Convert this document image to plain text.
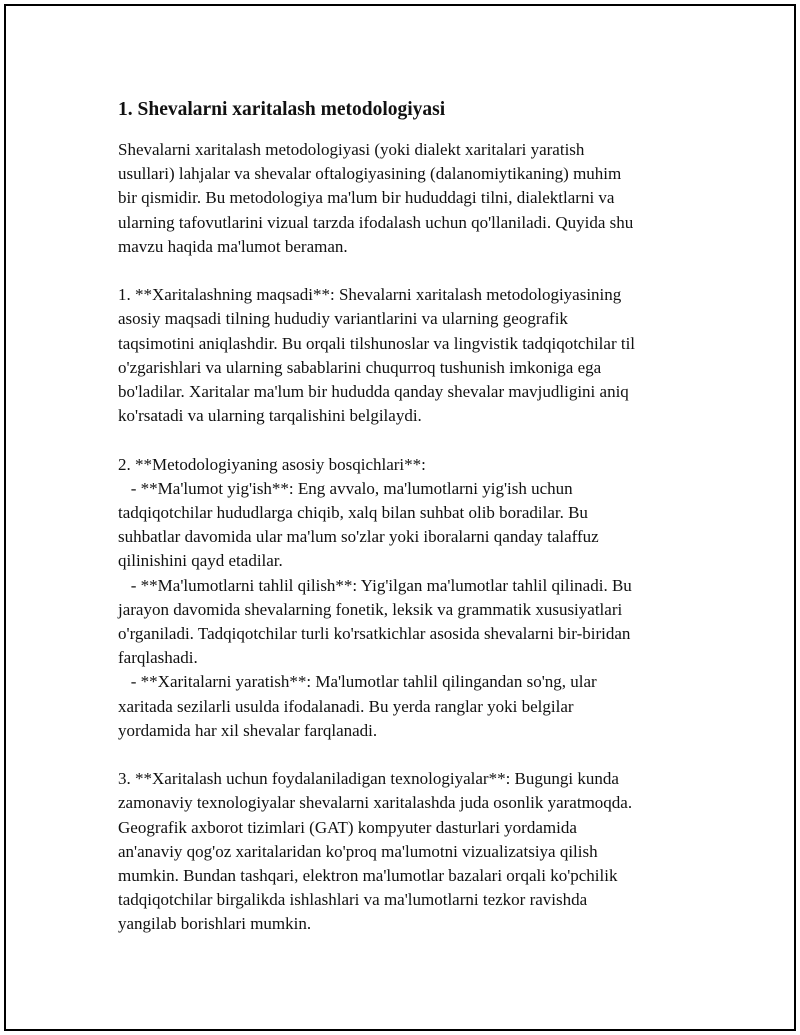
1. Shevalarni xaritalash metodologiyasi
Shevalarni xaritalash metodologiyasi (yoki dialekt xaritalari yaratish
usullari) lahjalar va shevalar oftalogiyasining (dalanomiytikaning) muhim
bir qismidir. Bu metodologiya ma'lum bir hududdagi tilni, dialektlarni va
ularning tafovutlarini vizual tarzda ifodalash uchun qo'llaniladi. Quyida shu
mavzu haqida ma'lumot beraman.
1. **Xaritalashning maqsadi**: Shevalarni xaritalash metodologiyasining
asosiy maqsadi tilning hududiy variantlarini va ularning geografik
taqsimotini aniqlashdir. Bu orqali tilshunoslar va lingvistik tadqiqotchilar til
o'zgarishlari va ularning sabablarini chuqurroq tushunish imkoniga ega
bo'ladilar. Xaritalar ma'lum bir hududda qanday shevalar mavjudligini aniq
ko'rsatadi va ularning tarqalishini belgilaydi.
2. **Metodologiyaning asosiy bosqichlari**:
- **Ma'lumot yig'ish**: Eng avvalo, ma'lumotlarni yig'ish uchun
tadqiqotchilar hududlarga chiqib, xalq bilan suhbat olib boradilar. Bu
suhbatlar davomida ular ma'lum so'zlar yoki iboralarni qanday talaffuz
qilinishini qayd etadilar.
- **Ma'lumotlarni tahlil qilish**: Yig'ilgan ma'lumotlar tahlil qilinadi. Bu
jarayon davomida shevalarning fonetik, leksik va grammatik xususiyatlari
o'rganiladi. Tadqiqotchilar turli ko'rsatkichlar asosida shevalarni bir-biridan
farqlashadi.
- **Xaritalarni yaratish**: Ma'lumotlar tahlil qilingandan so'ng, ular
xaritada sezilarli usulda ifodalanadi. Bu yerda ranglar yoki belgilar
yordamida har xil shevalar farqlanadi.
3. **Xaritalash uchun foydalaniladigan texnologiyalar**: Bugungi kunda
zamonaviy texnologiyalar shevalarni xaritalashda juda osonlik yaratmoqda.
Geografik axborot tizimlari (GAT) kompyuter dasturlari yordamida
an'anaviy qog'oz xaritalaridan ko'proq ma'lumotni vizualizatsiya qilish
mumkin. Bundan tashqari, elektron ma'lumotlar bazalari orqali ko'pchilik
tadqiqotchilar birgalikda ishlashlari va ma'lumotlarni tezkor ravishda
yangilab borishlari mumkin.
